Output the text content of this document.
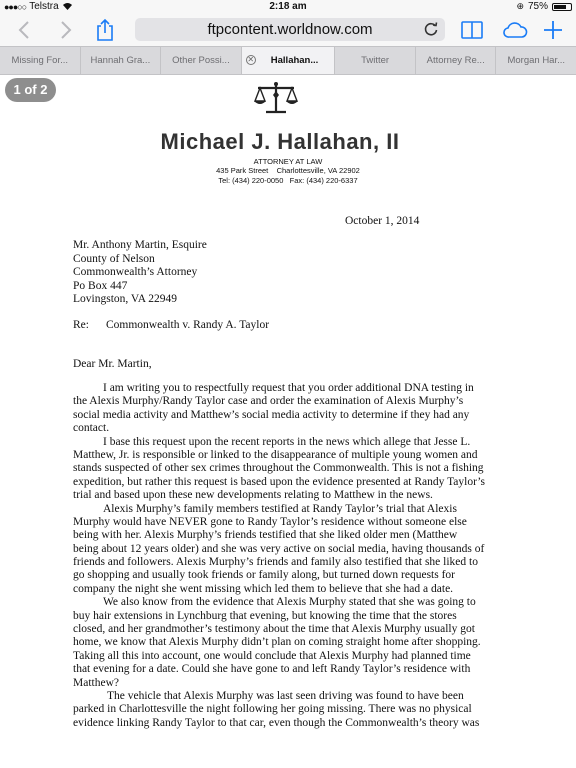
●●●○○ Telstra	2:18 am	⊕ 75%
ftpcontent.worldnow.com
Missing For...	Hannah Gra...	Other Possi...	✕ Hallahan...	Twitter	Attorney Re...	Morgan Har...
1 of 2
Michael J. Hallahan, II
ATTORNEY AT LAW
435 Park Street    Charlottesville, VA 22902
Tel: (434) 220-0050   Fax: (434) 220-6337
October 1, 2014
Mr. Anthony Martin, Esquire
County of Nelson
Commonwealth’s Attorney
Po Box 447
Lovingston, VA 22949
Re: Commonwealth v. Randy A. Taylor
Dear Mr. Martin,
I am writing you to respectfully request that you order additional DNA testing in
the Alexis Murphy/Randy Taylor case and order the examination of Alexis Murphy’s
social media activity and Matthew’s social media activity to determine if they had any
contact.
I base this request upon the recent reports in the news which allege that Jesse L.
Matthew, Jr. is responsible or linked to the disappearance of multiple young women and
stands suspected of other sex crimes throughout the Commonwealth. This is not a fishing
expedition, but rather this request is based upon the evidence presented at Randy Taylor’s
trial and based upon these new developments relating to Matthew in the news.
Alexis Murphy’s family members testified at Randy Taylor’s trial that Alexis
Murphy would have NEVER gone to Randy Taylor’s residence without someone else
being with her. Alexis Murphy’s friends testified that she liked older men (Matthew
being about 12 years older) and she was very active on social media, having thousands of
friends and followers. Alexis Murphy’s friends and family also testified that she liked to
go shopping and usually took friends or family along, but turned down requests for
company the night she went missing which led them to believe that she had a date.
We also know from the evidence that Alexis Murphy stated that she was going to
buy hair extensions in Lynchburg that evening, but knowing the time that the stores
closed, and her grandmother’s testimony about the time that Alexis Murphy usually got
home, we know that Alexis Murphy didn’t plan on coming straight home after shopping.
Taking all this into account, one would conclude that Alexis Murphy had planned time
that evening for a date. Could she have gone to and left Randy Taylor’s residence with
Matthew?
The vehicle that Alexis Murphy was last seen driving was found to have been
parked in Charlottesville the night following her going missing. There was no physical
evidence linking Randy Taylor to that car, even though the Commonwealth’s theory was
